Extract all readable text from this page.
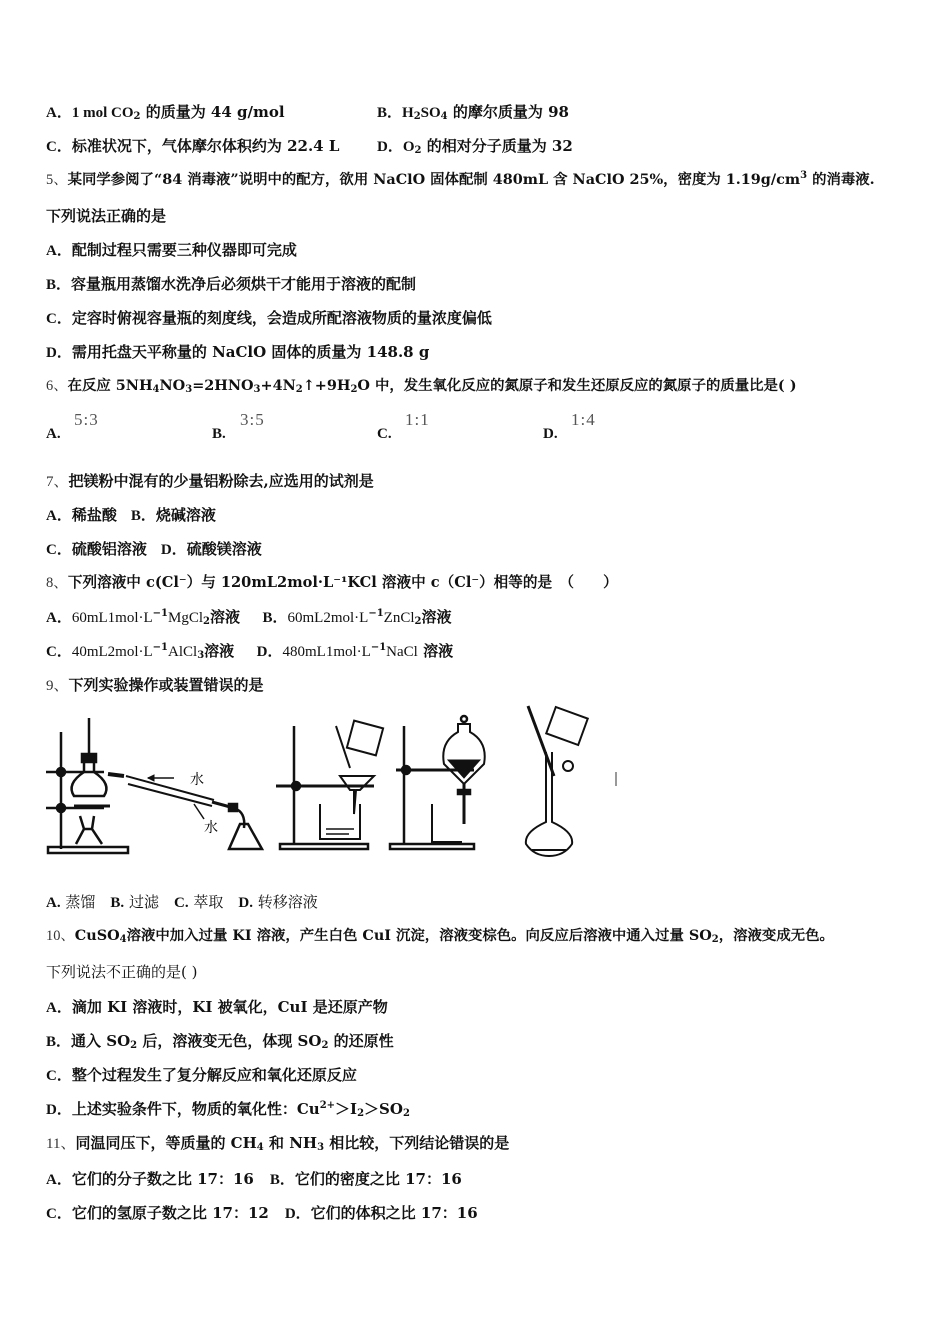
A．1 mol $CO_2$ 的质量为 44 g/mol	B．$H_2SO_4$ 的摩尔质量为 98
C．标准状况下，气体摩尔体积约为 22.4 L	D．$O_2$ 的相对分子质量为 32
5、某同学参阅了“84 消毒液”说明中的配方，欲用 NaClO 固体配制 480mL 含 NaClO 25%，密度为 $1.19g/cm^3$ 的消毒液.
下列说法正确的是
A．配制过程只需要三种仪器即可完成
B．容量瓶用蒸馏水洗净后必须烘干才能用于溶液的配制
C．定容时俯视容量瓶的刻度线，会造成所配溶液物质的量浓度偏低
D．需用托盘天平称量的 NaClO 固体的质量为 148.8 g
6、在反应 $5NH_4NO_3=2HNO_3+4N_2↑+9H_2O$ 中，发生氧化反应的氮原子和发生还原反应的氮原子的质量比是( )
A.
5:3
B.
3:5
C.
1:1
D.
1:4
7、把镁粉中混有的少量铝粉除去,应选用的试剂是
A．稀盐酸 B．烧碱溶液
C．硫酸铝溶液 D．硫酸镁溶液
8、下列溶液中 c(Cl⁻）与 120mL2mol·L⁻¹KCl 溶液中 c（Cl⁻）相等的是　（　　）
A．$60mL1mol\cdot L^{-1}MgCl_2$溶液 B．$60mL2mol\cdot L^{-1}ZnCl_2$溶液
C．$40mL2mol\cdot L^{-1}AlCl_3$溶液 D．$480mL1mol\cdot L^{-1}NaCl$ 溶液
9、下列实验操作或装置错误的是
水
水
A. 蒸馏　 B. 过滤　 C. 萃取　 D. 转移溶液
10、CuSO$_4$溶液中加入过量 KI 溶液，产生白色 CuI 沉淀，溶液变棕色。向反应后溶液中通入过量 $SO_2$，溶液变成无色。
下列说法不正确的是( )
A．滴加 KI 溶液时，KI 被氧化，CuI 是还原产物
B．通入 $SO_2$ 后，溶液变无色，体现 $SO_2$ 的还原性
C．整个过程发生了复分解反应和氧化还原反应
D．上述实验条件下，物质的氧化性：$Cu^{2+}>I_2>SO_2$
11、同温同压下，等质量的 $CH_4$ 和 $NH_3$ 相比较，下列结论错误的是
A．它们的分子数之比 17：16 B．它们的密度之比 17：16
C．它们的氢原子数之比 17：12 D．它们的体积之比 17：16
